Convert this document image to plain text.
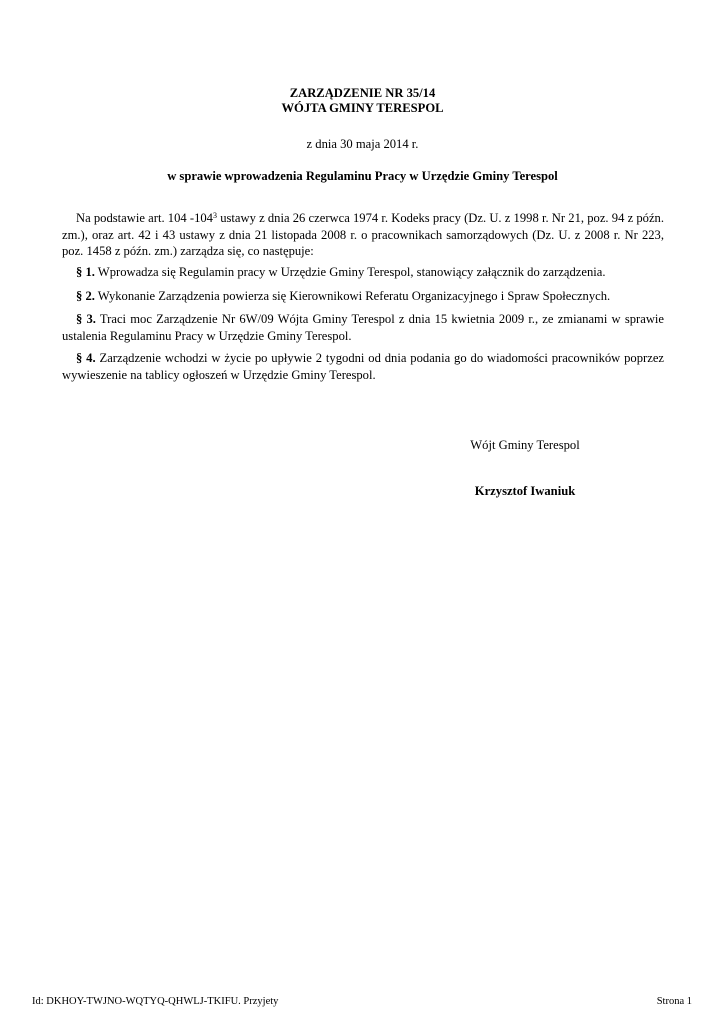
ZARZĄDZENIE NR 35/14
WÓJTA GMINY TERESPOL
z dnia 30 maja 2014 r.
w sprawie wprowadzenia Regulaminu Pracy w Urzędzie Gminy Terespol
Na podstawie art. 104 $-104^3$ ustawy z dnia 26 czerwca 1974 r. Kodeks pracy (Dz. U. z 1998 r. Nr 21, poz. 94 z późn. zm.), oraz art. 42 i 43 ustawy z dnia 21 listopada 2008 r. o pracownikach samorządowych (Dz. U. z 2008 r. Nr 223, poz. 1458 z późn. zm.) zarządza się, co następuje:
§ 1. Wprowadza się Regulamin pracy w Urzędzie Gminy Terespol, stanowiący załącznik do zarządzenia.
§ 2. Wykonanie Zarządzenia powierza się Kierownikowi Referatu Organizacyjnego i Spraw Społecznych.
§ 3. Traci moc Zarządzenie Nr 6W/09 Wójta Gminy Terespol z dnia 15 kwietnia 2009 r., ze zmianami w sprawie ustalenia Regulaminu Pracy w Urzędzie Gminy Terespol.
§ 4. Zarządzenie wchodzi w życie po upływie 2 tygodni od dnia podania go do wiadomości pracowników poprzez wywieszenie na tablicy ogłoszeń w Urzędzie Gminy Terespol.
Wójt Gminy Terespol
Krzysztof Iwaniuk
Id: DKHOY-TWJNO-WQTYQ-QHWLJ-TKIFU. Przyjety	Strona 1
